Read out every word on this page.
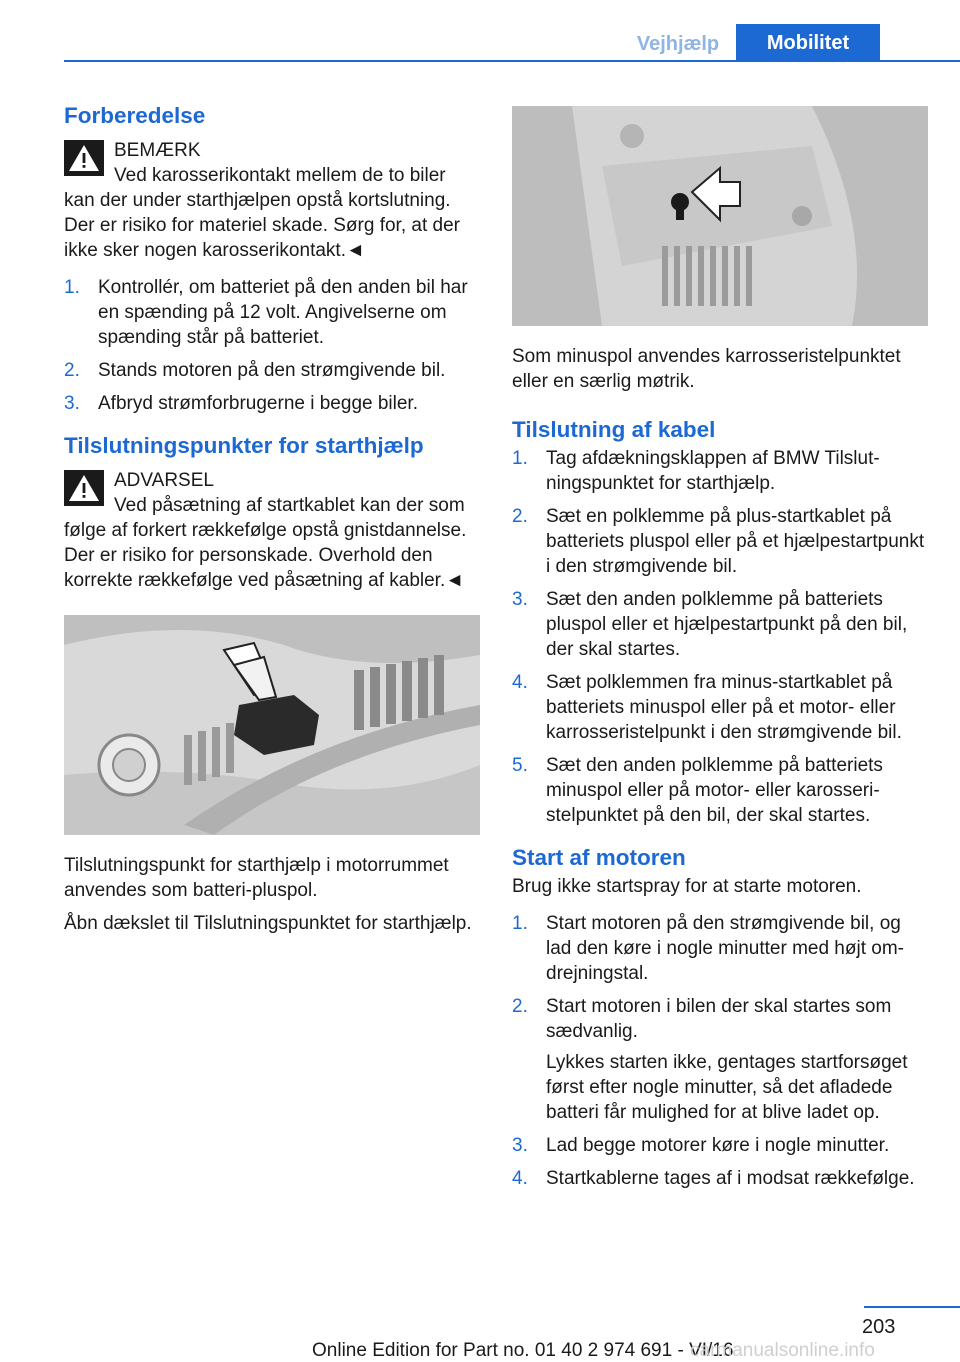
Vejhjælp	Mobilitet
Forberedelse
BEMÆRK

Ved karosserikontakt mellem de to biler kan der under starthjælpen opstå kortslutning. Der er risiko for materiel skade. Sørg for, at der ikke sker nogen karosserikontakt.◄

1. Kontrollér, om batteriet på den anden bil har en spænding på 12 volt. Angivelserne om spænding står på batteriet.
2. Stands motoren på den strømgivende bil.
3. Afbryd strømforbrugerne i begge biler.
Tilslutningspunkter for starthjælp
ADVARSEL

Ved påsætning af startkablet kan der som følge af forkert rækkefølge opstå gnistdannelse. Der er risiko for personskade. Overhold den korrekte rækkefølge ved påsætning af kabler.◄

Tilslutningspunkt for starthjælp i motorrummet anvendes som batteri-pluspol.

Åbn dækslet til Tilslutningspunktet for starthjælp.

Som minuspol anvendes karrosseristelpunktet eller en særlig møtrik.

Tilslutning af kabel
1. Tag afdækningsklappen af BMW Tilslutningspunktet for starthjælp.
2. Sæt en polklemme på plus-startkablet på batteriets pluspol eller på et hjælpestartpunkt i den strømgivende bil.
3. Sæt den anden polklemme på batteriets pluspol eller et hjælpestartpunkt på den bil, der skal startes.
4. Sæt polklemmen fra minus-startkablet på batteriets minuspol eller på et motor- eller karrosseristelpunkt i den strømgivende bil.
5. Sæt den anden polklemme på batteriets minuspol eller på motor- eller karosseristelpunktet på den bil, der skal startes.
Start af motoren

Brug ikke startspray for at starte motoren.

1. Start motoren på den strømgivende bil, og lad den køre i nogle minutter med højt omdrejningstal.
2. Start motoren i bilen der skal startes som sædvanlig.

Lykkes starten ikke, gentages startforsøget først efter nogle minutter, så det afladede batteri får mulighed for at blive ladet op.

3. Lad begge motorer køre i nogle minutter.
4. Startkablerne tages af i modsat rækkefølge.
203
Online Edition for Part no. 01 40 2 974 691 - VI/16
carmanualsonline.info
